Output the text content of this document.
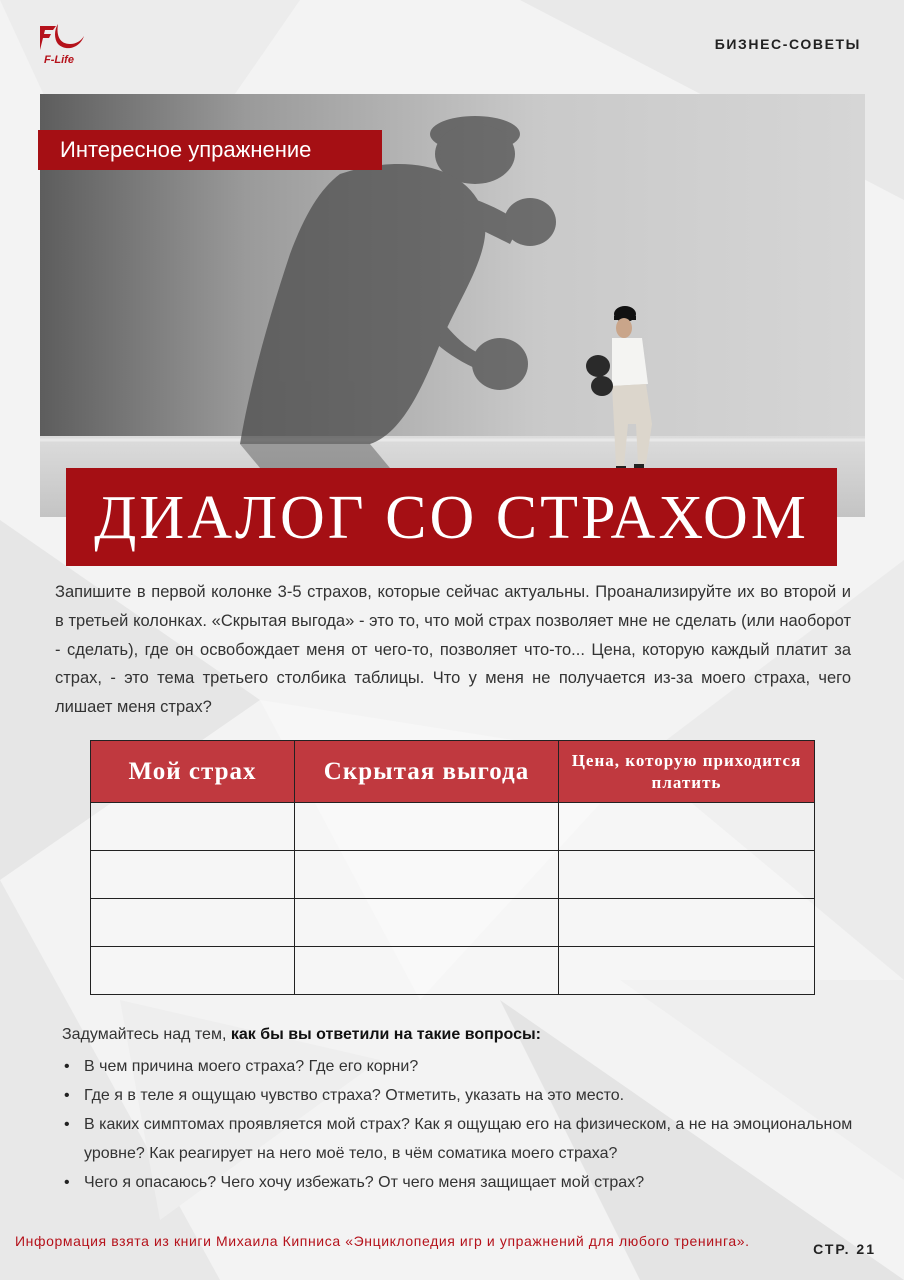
F-Life
БИЗНЕС-СОВЕТЫ
Интересное упражнение
ДИАЛОГ СО СТРАХОМ

Запишите в первой колонке 3-5 страхов, которые сейчас актуальны. Проанализируйте их во второй и в третьей колонках. «Скрытая выгода» - это то, что мой страх позволяет мне не сделать (или наоборот - сделать), где он освобождает меня от чего-то, позволяет что-то... Цена, которую каждый платит за страх, - это тема третьего столбика таблицы. Что у меня не получается из-за моего страха, чего лишает меня страх?

Мой страх	Скрытая выгода	Цена, которую приходится платить

Задумайтесь над тем, как бы вы ответили на такие вопросы:

• В чем причина моего страха? Где его корни?
• Где я в теле я ощущаю чувство страха? Отметить, указать на это место.
• В каких симптомах проявляется мой страх? Как я ощущаю его на физическом, а не на эмоциональном уровне? Как реагирует на него моё тело, в чём соматика моего страха?
• Чего я опасаюсь? Чего хочу избежать? От чего меня защищает мой страх?

Информация взята из книги Михаила Кипниса «Энциклопедия игр и упражнений для любого тренинга».	СТР. 21
